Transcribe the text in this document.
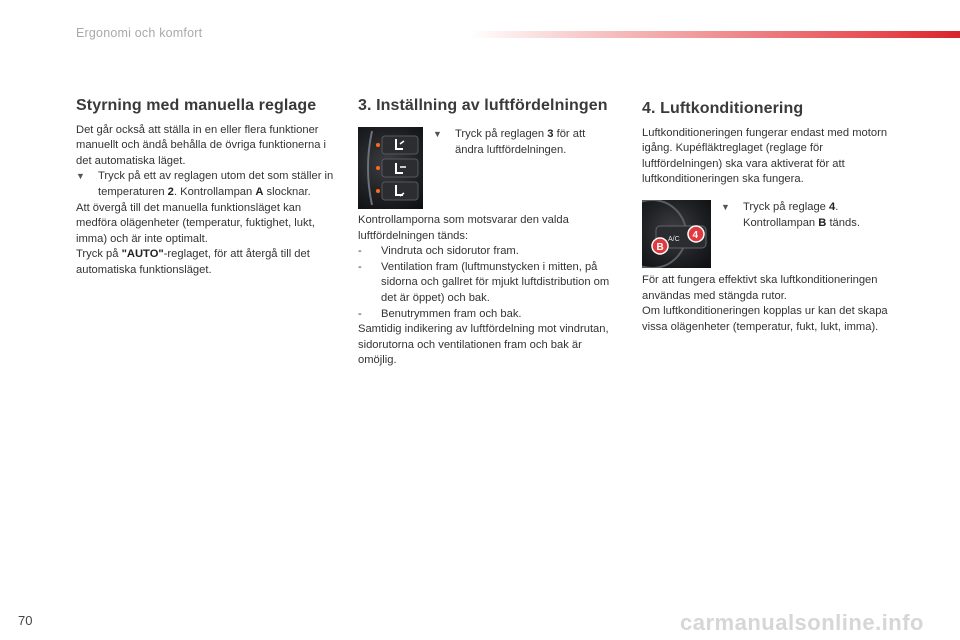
Ergonomi och komfort
Styrning med manuella reglage

Det går också att ställa in en eller flera funktioner manuellt och ändå behålla de övriga funktionerna i det automatiska läget.

▼	Tryck på ett av reglagen utom det som ställer in temperaturen 2. Kontrollampan A slocknar.

Att övergå till det manuella funktionsläget kan medföra olägenheter (temperatur, fuktighet, lukt, imma) och är inte optimalt.

Tryck på "AUTO"-reglaget, för att återgå till det automatiska funktionsläget.

3. Inställning av luftfördelningen
▼	Tryck på reglagen 3 för att ändra luftfördelningen.

Kontrollamporna som motsvarar den valda luftfördelningen tänds:

-	Vindruta och sidorutor fram.
-	Ventilation fram (luftmunstycken i mitten, på sidorna och gallret för mjukt luftdistribution om det är öppet) och bak.
-	Benutrymmen fram och bak.

Samtidig indikering av luftfördelning mot vindrutan, sidorutorna och ventilationen fram och bak är omöjlig.

4. Luftkonditionering

Luftkonditioneringen fungerar endast med motorn igång. Kupéfläktreglaget (reglage för luftfördelningen) ska vara aktiverat för att luftkonditioneringen ska fungera.

A/C
B
4
▼	Tryck på reglage 4. Kontrollampan B tänds.

För att fungera effektivt ska luftkonditioneringen användas med stängda rutor.

Om luftkonditioneringen kopplas ur kan det skapa vissa olägenheter (temperatur, fukt, lukt, imma).

70	carmanualsonline.info
